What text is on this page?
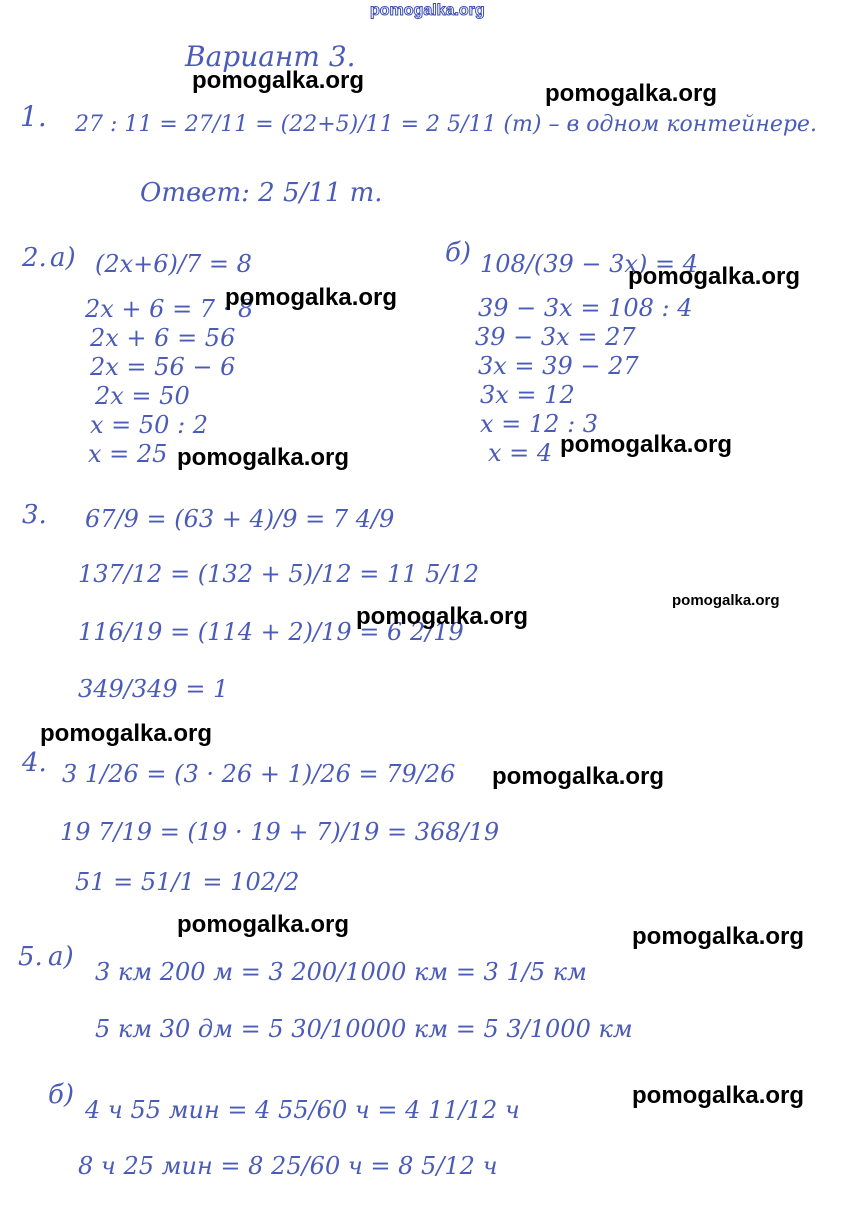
Вариант 3.
1. 27 : 11 = 27/11 = (22+5)/11 = 2 5/11 (т) – в одном контейнере.
Ответ: 2 5/11 т.
2. а) (2x+6)/7 = 8
2x + 6 = 7 · 8
2x + 6 = 56
2x = 56 − 6
2x = 50
x = 50 : 2
x = 25
б) 108/(39 − 3x) = 4
39 − 3x = 108 : 4
39 − 3x = 27
3x = 39 − 27
3x = 12
x = 12 : 3
x = 4
3. 67/9 = (63 + 4)/9 = 7 4/9
137/12 = (132 + 5)/12 = 11 5/12
116/19 = (114 + 2)/19 = 6 2/19
349/349 = 1
4. 3 1/26 = (3 · 26 + 1)/26 = 79/26
19 7/19 = (19 · 19 + 7)/19 = 368/19
51 = 51/1 = 102/2
5. а) 3 км 200 м = 3 200/1000 км = 3 1/5 км
5 км 30 дм = 5 30/10000 км = 5 3/1000 км
б) 4 ч 55 мин = 4 55/60 ч = 4 11/12 ч
8 ч 25 мин = 8 25/60 ч = 8 5/12 ч
pomogalka.org
pomogalka.org	pomogalka.org
pomogalka.org
pomogalka.org
pomogalka.org
pomogalka.org
pomogalka.org
pomogalka.org
pomogalka.org
pomogalka.org
pomogalka.org	pomogalka.org
pomogalka.org
